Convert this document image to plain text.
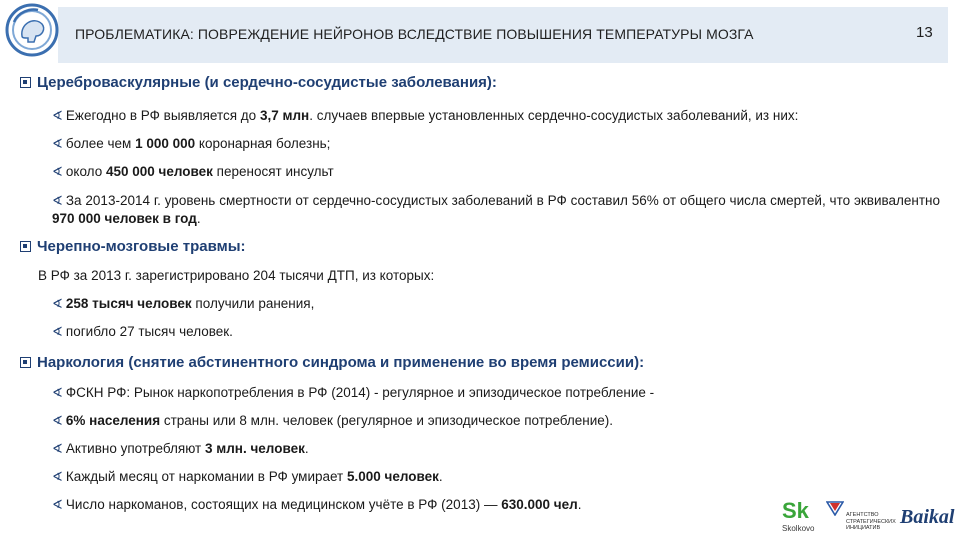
ПРОБЛЕМАТИКА: ПОВРЕЖДЕНИЕ НЕЙРОНОВ ВСЛЕДСТВИЕ ПОВЫШЕНИЯ ТЕМПЕРАТУРЫ МОЗГА	13
Цереброваскулярные (и сердечно-сосудистые заболевания):
∢ Ежегодно в РФ выявляется до 3,7 млн. случаев впервые установленных сердечно-сосудистых заболеваний, из них:
∢ более чем 1 000 000 коронарная болезнь;
∢ около 450 000 человек переносят инсульт
∢ За 2013-2014 г. уровень смертности от сердечно-сосудистых заболеваний в РФ составил 56% от общего числа смертей, что эквивалентно 970 000 человек в год.
Черепно-мозговые травмы:
В РФ за 2013 г. зарегистрировано 204 тысячи ДТП, из которых:
∢ 258 тысяч человек получили ранения,
∢ погибло 27 тысяч человек.
Наркология (снятие абстинентного синдрома и применение во время ремиссии):
∢ ФСКН РФ: Рынок наркопотребления в РФ (2014) - регулярное и эпизодическое потребление -
∢ 6% населения страны или 8 млн. человек (регулярное и эпизодическое потребление).
∢ Активно употребляют 3 млн. человек.
∢ Каждый месяц от наркомании в РФ умирает 5.000 человек.
∢ Число наркоманов, состоящих на медицинском учёте в РФ (2013) — 630.000 чел.	Sk
Skolkovo
АГЕНТСТВО
СТРАТЕГИЧЕСКИХ
ИНИЦИАТИВ Baikal
